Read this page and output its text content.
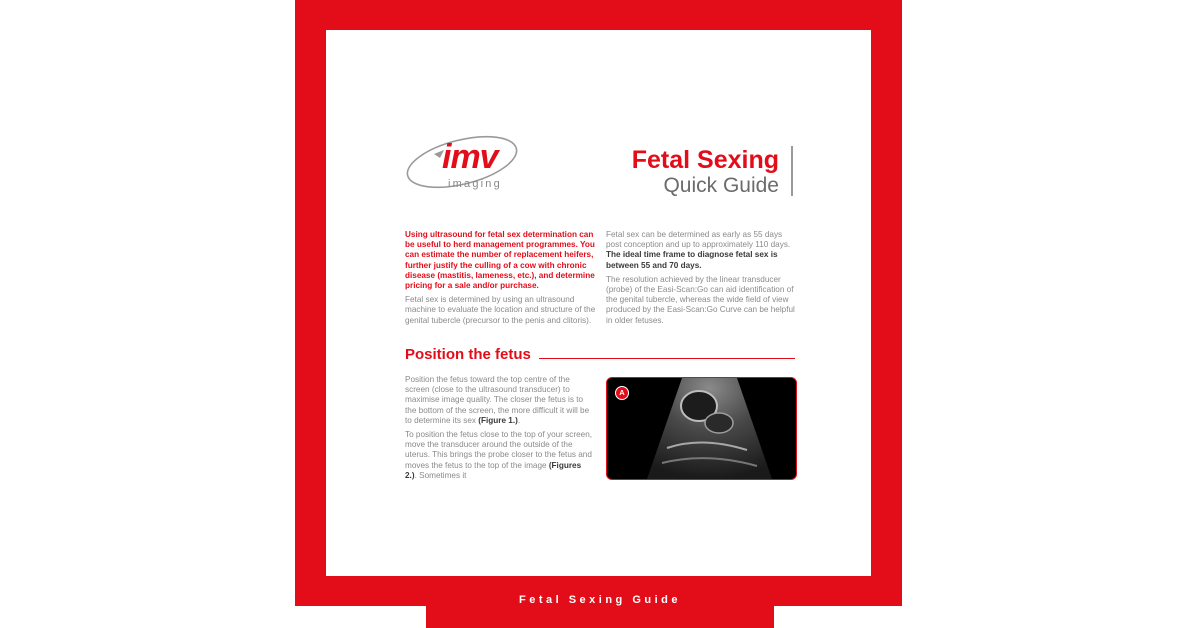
Fetal Sexing Guide
imv
imaging
Fetal Sexing
Quick Guide

Using ultrasound for fetal sex determination can be useful to herd management programmes. You can estimate the number of replacement heifers, further justify the culling of a cow with chronic disease (mastitis, lameness, etc.), and determine pricing for a sale and/or purchase.

Fetal sex is determined by using an ultrasound machine to evaluate the location and structure of the genital tubercle (precursor to the penis and clitoris).

Fetal sex can be determined as early as 55 days post conception and up to approximately 110 days. The ideal time frame to diagnose fetal sex is between 55 and 70 days.

The resolution achieved by the linear transducer (probe) of the Easi-Scan:Go can aid identification of the genital tubercle, whereas the wide field of view produced by the Easi-Scan:Go Curve can be helpful in older fetuses.

Position the fetus

Position the fetus toward the top centre of the screen (close to the ultrasound transducer) to maximise image quality. The closer the fetus is to the bottom of the screen, the more difficult it will be to determine its sex (Figure 1.).

To position the fetus close to the top of your screen, move the transducer around the outside of the uterus. This brings the probe closer to the fetus and moves the fetus to the top of the image (Figures 2.). Sometimes it

A
